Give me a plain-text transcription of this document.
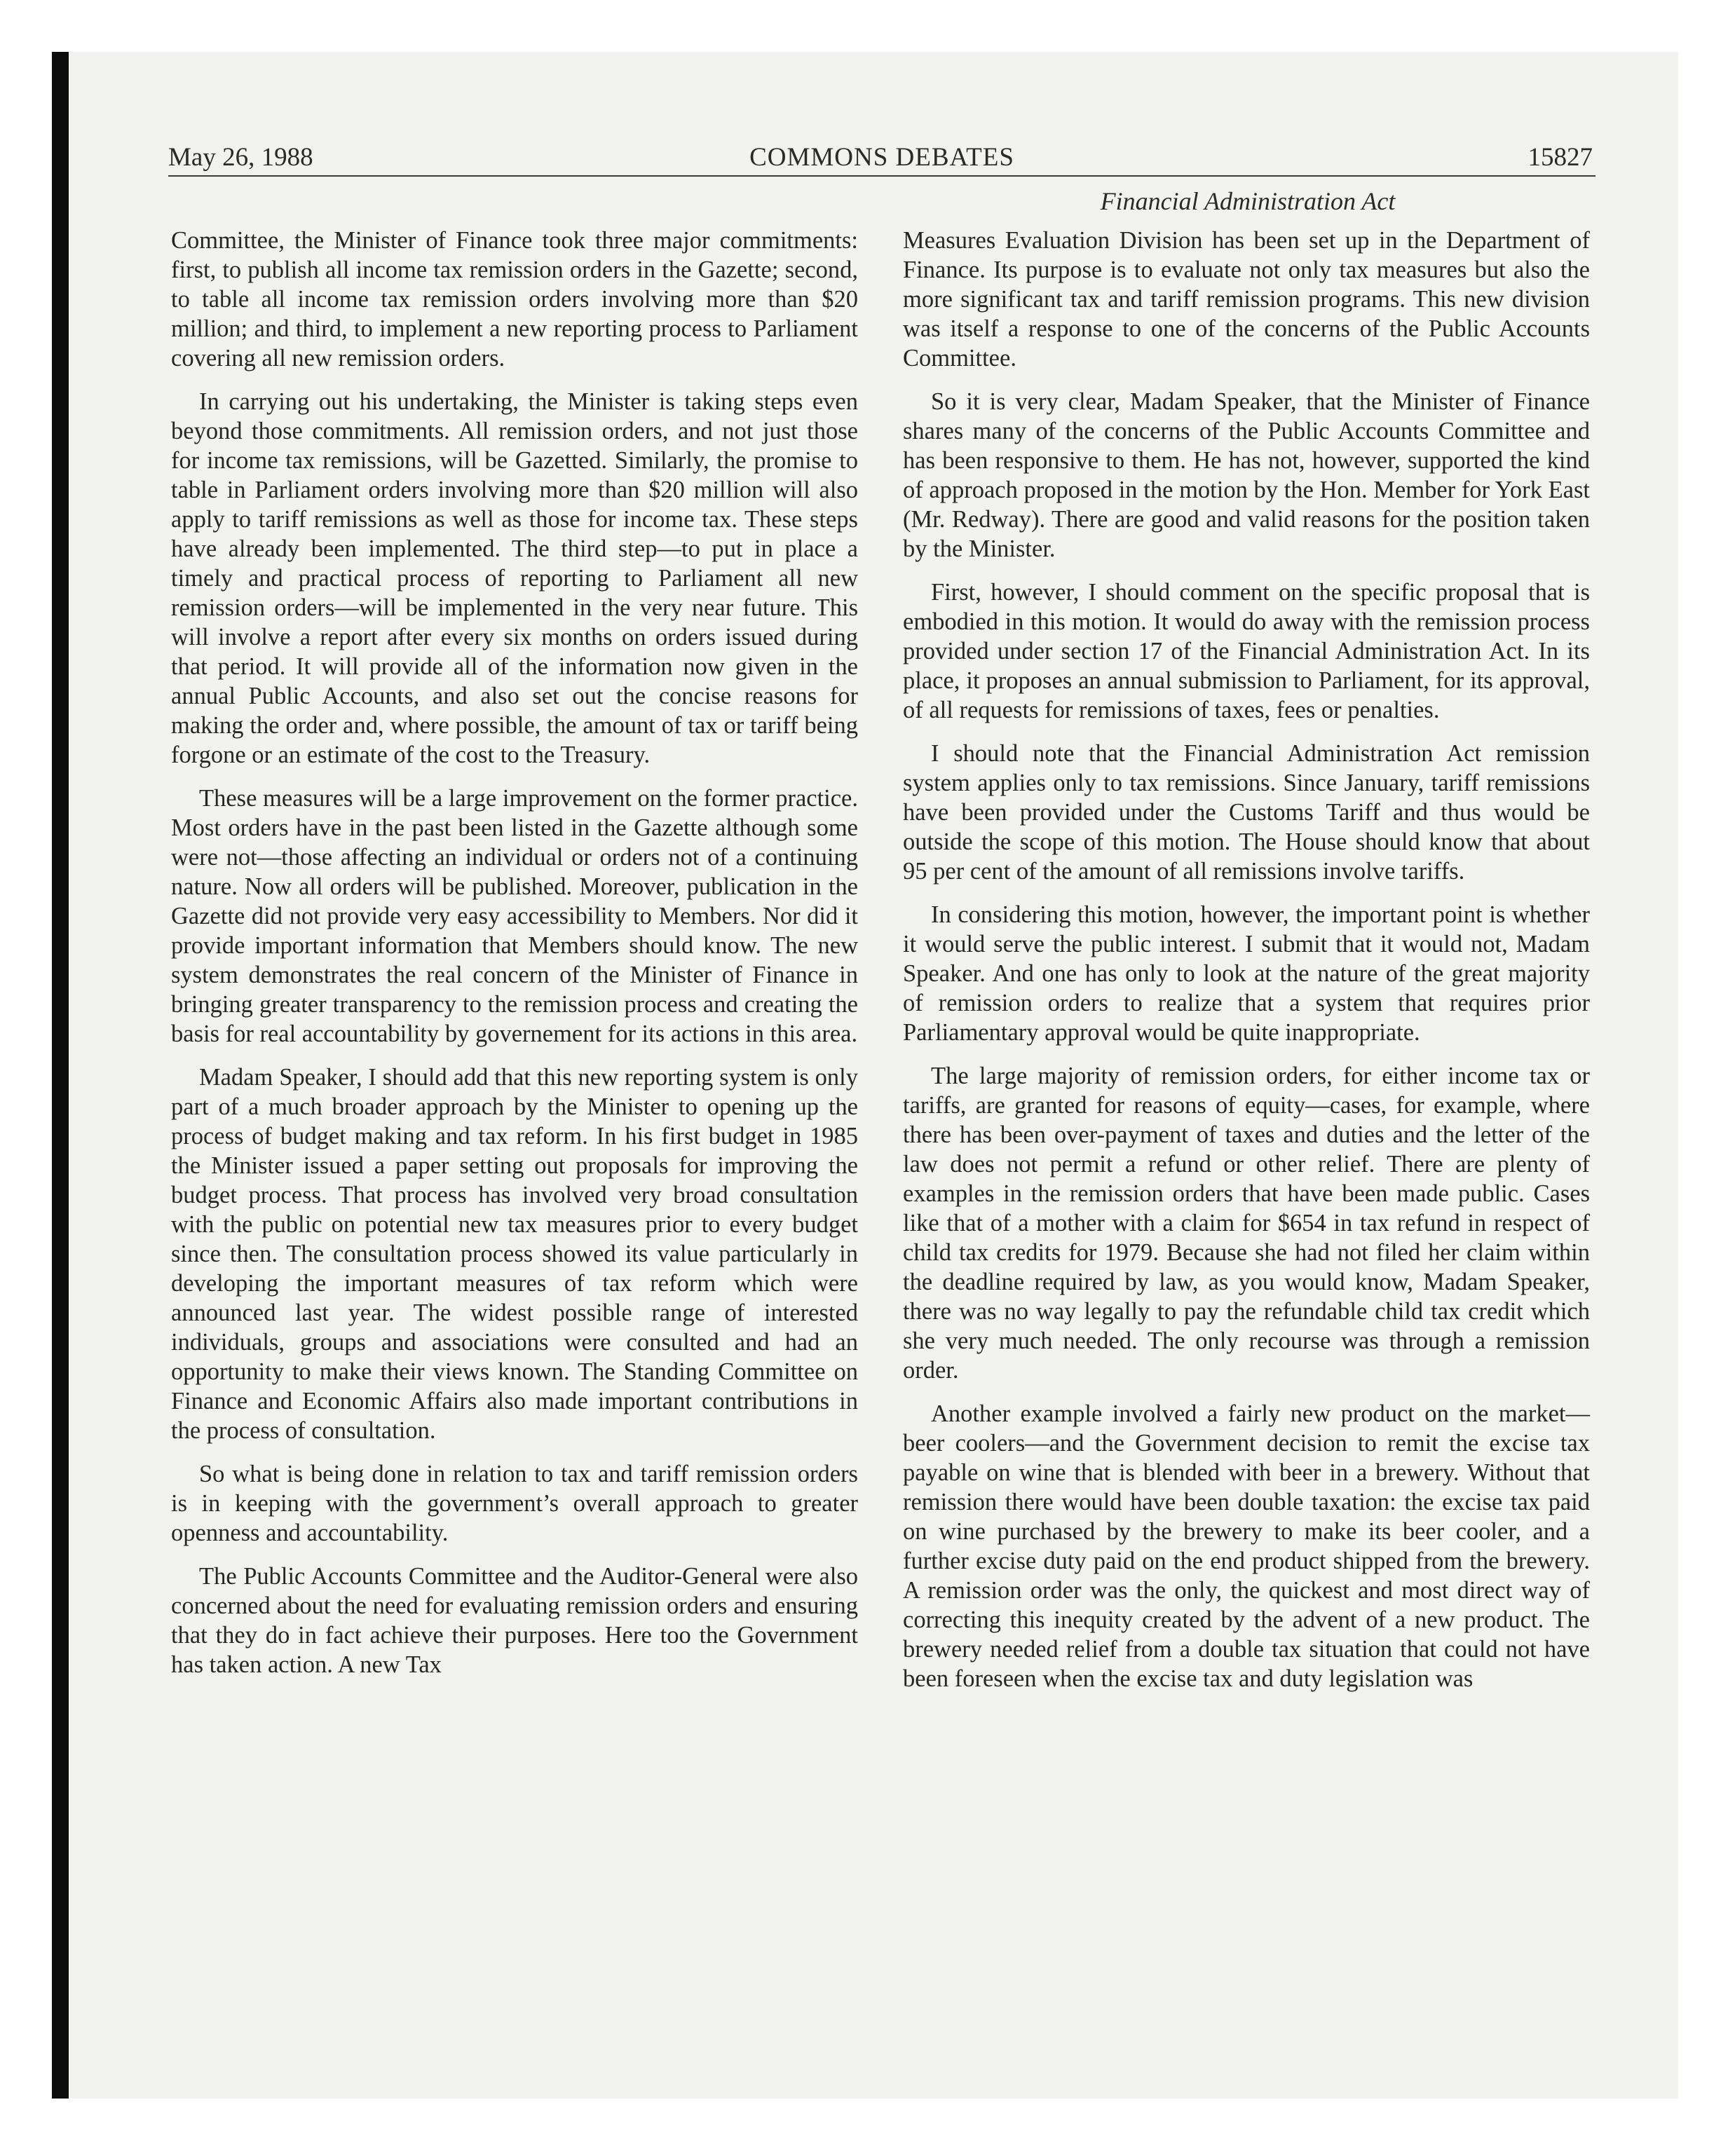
May 26, 1988	COMMONS DEBATES	15827
Financial Administration Act

Committee, the Minister of Finance took three major commitments: first, to publish all income tax remission orders in the Gazette; second, to table all income tax remission orders involving more than $20 million; and third, to implement a new reporting process to Parliament covering all new remission orders.

In carrying out his undertaking, the Minister is taking steps even beyond those commitments. All remission orders, and not just those for income tax remissions, will be Gazetted. Similarly, the promise to table in Parliament orders involving more than $20 million will also apply to tariff remissions as well as those for income tax. These steps have already been implemented. The third step—to put in place a timely and practical process of reporting to Parliament all new remission orders—will be implemented in the very near future. This will involve a report after every six months on orders issued during that period. It will provide all of the information now given in the annual Public Accounts, and also set out the concise reasons for making the order and, where possible, the amount of tax or tariff being forgone or an estimate of the cost to the Treasury.

These measures will be a large improvement on the former practice. Most orders have in the past been listed in the Gazette although some were not—those affecting an individual or orders not of a continuing nature. Now all orders will be published. Moreover, publication in the Gazette did not provide very easy accessibility to Members. Nor did it provide important information that Members should know. The new system demonstrates the real concern of the Minister of Finance in bringing greater transparency to the remission process and creating the basis for real accountability by governement for its actions in this area.

Madam Speaker, I should add that this new reporting system is only part of a much broader approach by the Minister to opening up the process of budget making and tax reform. In his first budget in 1985 the Minister issued a paper setting out proposals for improving the budget process. That process has involved very broad consultation with the public on potential new tax measures prior to every budget since then. The consultation process showed its value particularly in developing the important measures of tax reform which were announced last year. The widest possible range of interested individuals, groups and associations were consulted and had an opportunity to make their views known. The Standing Committee on Finance and Economic Affairs also made important contributions in the process of consultation.

So what is being done in relation to tax and tariff remission orders is in keeping with the government’s overall approach to greater openness and accountability.

The Public Accounts Committee and the Auditor-General were also concerned about the need for evaluating remission orders and ensuring that they do in fact achieve their purposes. Here too the Government has taken action. A new Tax

Measures Evaluation Division has been set up in the Department of Finance. Its purpose is to evaluate not only tax measures but also the more significant tax and tariff remission programs. This new division was itself a response to one of the concerns of the Public Accounts Committee.

So it is very clear, Madam Speaker, that the Minister of Finance shares many of the concerns of the Public Accounts Committee and has been responsive to them. He has not, however, supported the kind of approach proposed in the motion by the Hon. Member for York East (Mr. Redway). There are good and valid reasons for the position taken by the Minister.

First, however, I should comment on the specific proposal that is embodied in this motion. It would do away with the remission process provided under section 17 of the Financial Administration Act. In its place, it proposes an annual submission to Parliament, for its approval, of all requests for remissions of taxes, fees or penalties.

I should note that the Financial Administration Act remission system applies only to tax remissions. Since January, tariff remissions have been provided under the Customs Tariff and thus would be outside the scope of this motion. The House should know that about 95 per cent of the amount of all remissions involve tariffs.

In considering this motion, however, the important point is whether it would serve the public interest. I submit that it would not, Madam Speaker. And one has only to look at the nature of the great majority of remission orders to realize that a system that requires prior Parliamentary approval would be quite inappropriate.

The large majority of remission orders, for either income tax or tariffs, are granted for reasons of equity—cases, for example, where there has been over-payment of taxes and duties and the letter of the law does not permit a refund or other relief. There are plenty of examples in the remission orders that have been made public. Cases like that of a mother with a claim for $654 in tax refund in respect of child tax credits for 1979. Because she had not filed her claim within the deadline required by law, as you would know, Madam Speaker, there was no way legally to pay the refundable child tax credit which she very much needed. The only recourse was through a remission order.

Another example involved a fairly new product on the market—beer coolers—and the Government decision to remit the excise tax payable on wine that is blended with beer in a brewery. Without that remission there would have been double taxation: the excise tax paid on wine purchased by the brewery to make its beer cooler, and a further excise duty paid on the end product shipped from the brewery. A remission order was the only, the quickest and most direct way of correcting this inequity created by the advent of a new product. The brewery needed relief from a double tax situation that could not have been foreseen when the excise tax and duty legislation was
